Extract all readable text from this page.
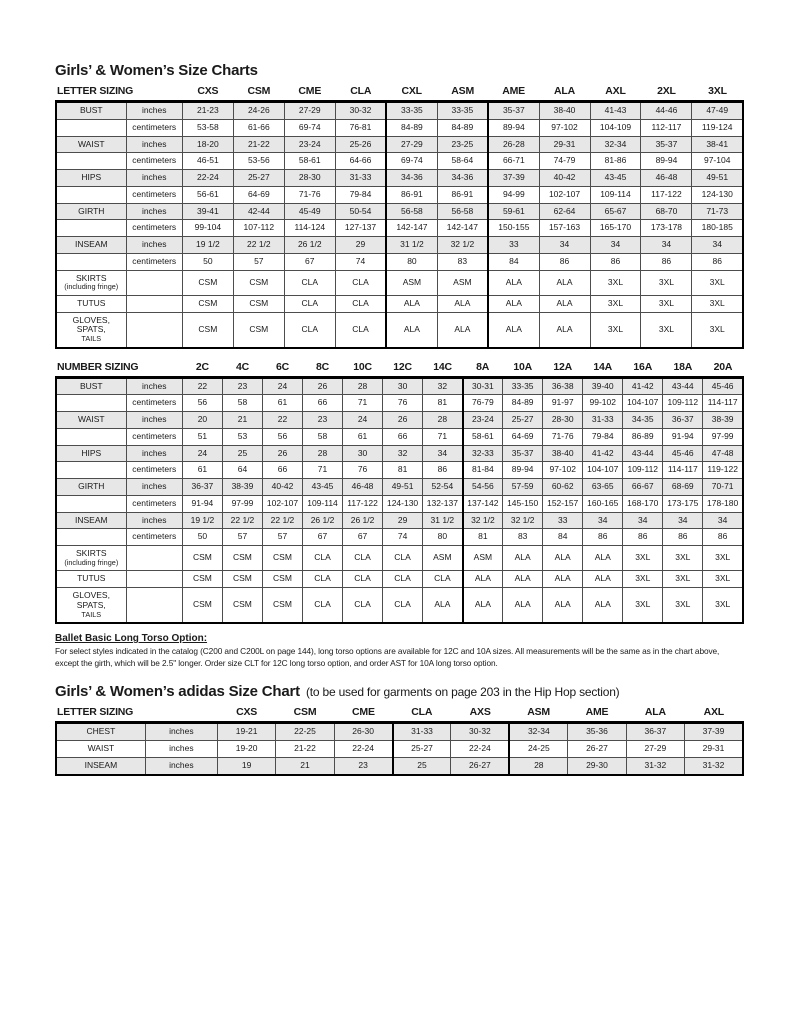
Girls’ & Women’s Size Charts
LETTER SIZING		CXS	CSM	CME	CLA	CXL	ASM	AME	ALA	AXL	2XL	3XL
BUST	inches	21-23	24-26	27-29	30-32	33-35	33-35	35-37	38-40	41-43	44-46	47-49
	centimeters	53-58	61-66	69-74	76-81	84-89	84-89	89-94	97-102	104-109	112-117	119-124
WAIST	inches	18-20	21-22	23-24	25-26	27-29	23-25	26-28	29-31	32-34	35-37	38-41
	centimeters	46-51	53-56	58-61	64-66	69-74	58-64	66-71	74-79	81-86	89-94	97-104
HIPS	inches	22-24	25-27	28-30	31-33	34-36	34-36	37-39	40-42	43-45	46-48	49-51
	centimeters	56-61	64-69	71-76	79-84	86-91	86-91	94-99	102-107	109-114	117-122	124-130
GIRTH	inches	39-41	42-44	45-49	50-54	56-58	56-58	59-61	62-64	65-67	68-70	71-73
	centimeters	99-104	107-112	114-124	127-137	142-147	142-147	150-155	157-163	165-170	173-178	180-185
INSEAM	inches	19 1/2	22 1/2	26 1/2	29	31 1/2	32 1/2	33	34	34	34	34
	centimeters	50	57	67	74	80	83	84	86	86	86	86
SKIRTS
(including fringe)		CSM	CSM	CLA	CLA	ASM	ASM	ALA	ALA	3XL	3XL	3XL
TUTUS		CSM	CSM	CLA	CLA	ALA	ALA	ALA	ALA	3XL	3XL	3XL
GLOVES, SPATS,
TAILS		CSM	CSM	CLA	CLA	ALA	ALA	ALA	ALA	3XL	3XL	3XL
NUMBER SIZING		2C	4C	6C	8C	10C	12C	14C	8A	10A	12A	14A	16A	18A	20A
BUST	inches	22	23	24	26	28	30	32	30-31	33-35	36-38	39-40	41-42	43-44	45-46
	centimeters	56	58	61	66	71	76	81	76-79	84-89	91-97	99-102	104-107	109-112	114-117
WAIST	inches	20	21	22	23	24	26	28	23-24	25-27	28-30	31-33	34-35	36-37	38-39
	centimeters	51	53	56	58	61	66	71	58-61	64-69	71-76	79-84	86-89	91-94	97-99
HIPS	inches	24	25	26	28	30	32	34	32-33	35-37	38-40	41-42	43-44	45-46	47-48
	centimeters	61	64	66	71	76	81	86	81-84	89-94	97-102	104-107	109-112	114-117	119-122
GIRTH	inches	36-37	38-39	40-42	43-45	46-48	49-51	52-54	54-56	57-59	60-62	63-65	66-67	68-69	70-71
	centimeters	91-94	97-99	102-107	109-114	117-122	124-130	132-137	137-142	145-150	152-157	160-165	168-170	173-175	178-180
INSEAM	inches	19 1/2	22 1/2	22 1/2	26 1/2	26 1/2	29	31 1/2	32 1/2	32 1/2	33	34	34	34	34
	centimeters	50	57	57	67	67	74	80	81	83	84	86	86	86	86
SKIRTS
(including fringe)		CSM	CSM	CSM	CLA	CLA	CLA	ASM	ASM	ALA	ALA	ALA	3XL	3XL	3XL
TUTUS		CSM	CSM	CSM	CLA	CLA	CLA	CLA	ALA	ALA	ALA	ALA	3XL	3XL	3XL
GLOVES, SPATS,
TAILS		CSM	CSM	CSM	CLA	CLA	CLA	ALA	ALA	ALA	ALA	ALA	3XL	3XL	3XL

Ballet Basic Long Torso Option:

For select styles indicated in the catalog (C200 and C200L on page 144), long torso options are available for 12C and 10A sizes. All measurements will be the same as in the chart above, except the girth, which will be 2.5" longer. Order size CLT for 12C long torso option, and order AST for 10A long torso option.

Girls’ & Women’s adidas Size Chart (to be used for garments on page 203 in the Hip Hop section)
LETTER SIZING		CXS	CSM	CME	CLA	AXS	ASM	AME	ALA	AXL
CHEST	inches	19-21	22-25	26-30	31-33	30-32	32-34	35-36	36-37	37-39
WAIST	inches	19-20	21-22	22-24	25-27	22-24	24-25	26-27	27-29	29-31
INSEAM	inches	19	21	23	25	26-27	28	29-30	31-32	31-32
